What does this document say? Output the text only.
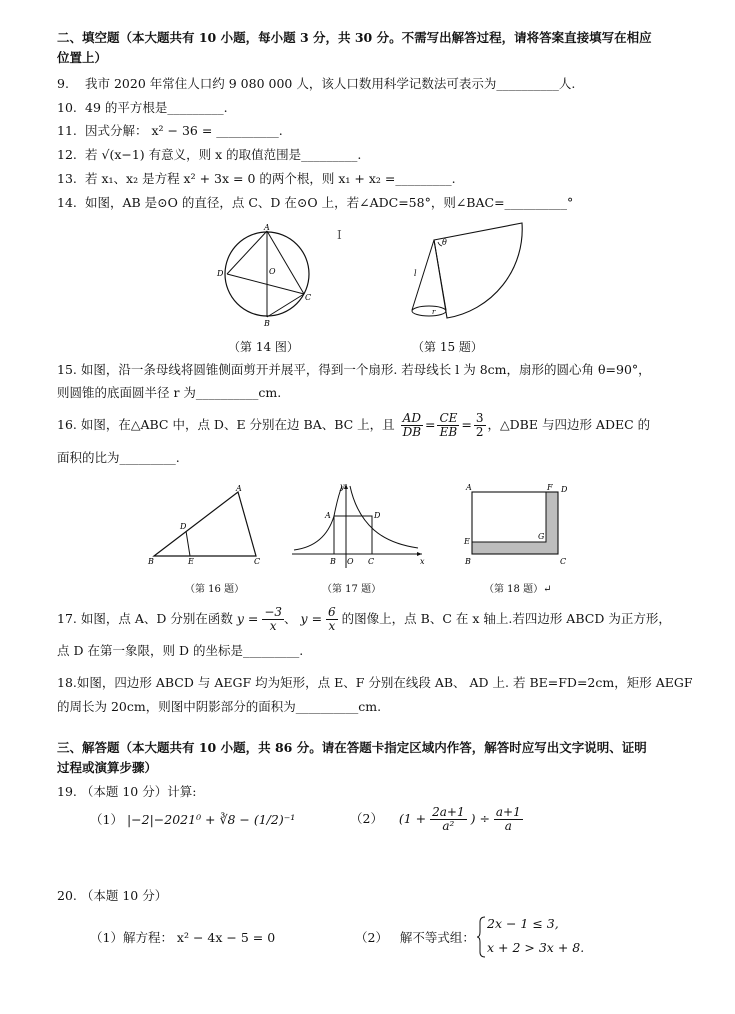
二、填空题（本大题共有 10 小题，每小题 3 分，共 30 分。不需写出解答过程，请将答案直接填写在相应
位置上）
9. 我市 2020 年常住人口约 9 080 000 人，该人口数用科学记数法可表示为__________人.
10. 49 的平方根是_________.
11. 因式分解： x² − 36 = __________.
12. 若 √(x−1) 有意义，则 x 的取值范围是_________.
13. 若 x₁、x₂ 是方程 x² + 3x = 0 的两个根，则 x₁ + x₂ =_________.
14. 如图，AB 是⊙O 的直径，点 C、D 在⊙O 上，若∠ADC=58°，则∠BAC=__________°
A
B
C
D	O
（第 14 图）
I
θ
l
r
（第 15 题）
15. 如图，沿一条母线将圆锥侧面剪开并展平，得到一个扇形. 若母线长 l 为 8cm，扇形的圆心角 θ=90°，
则圆锥的底面圆半径 r 为__________cm.
16. 如图，在△ABC 中，点 D、E 分别在边 BA、BC 上，且 $\frac{AD}{DB} = \frac{CE}{EB} = \frac{3}{2}$ ，△DBE 与四边形 ADEC 的
面积的比为_________.
A
B	C
D
E
（第 16 题）
y
x
A
B	C
D
O
（第 17 题）
A
B	C
D
E
F
G
（第 18 题）↵
17. 如图，点 A、D 分别在函数 $y = \frac{-3}{x}$ 、 $y = \frac{6}{x}$ 的图像上，点 B、C 在 x 轴上.若四边形 ABCD 为正方形，
点 D 在第一象限，则 D 的坐标是_________.
18.如图，四边形 ABCD 与 AEGF 均为矩形，点 E、F 分别在线段 AB、 AD 上. 若 BE=FD=2cm，矩形 AEGF
的周长为 20cm，则图中阴影部分的面积为__________cm.
三、解答题（本大题共有 10 小题，共 86 分。请在答题卡指定区域内作答，解答时应写出文字说明、证明
过程或演算步骤）
19. （本题 10 分）计算:
（1） |−2|−2021⁰ + ∛8 − (1/2)⁻¹	（2） ($1 + \frac{2a+1}{\text{a²}}$ ) ÷ $\frac{a+1}{a}$
20. （本题 10 分）
（1）解方程： x² − 4x − 5 = 0	（2） 解不等式组：
2x − 1 ≤ 3,
x + 2 > 3x + 8.
